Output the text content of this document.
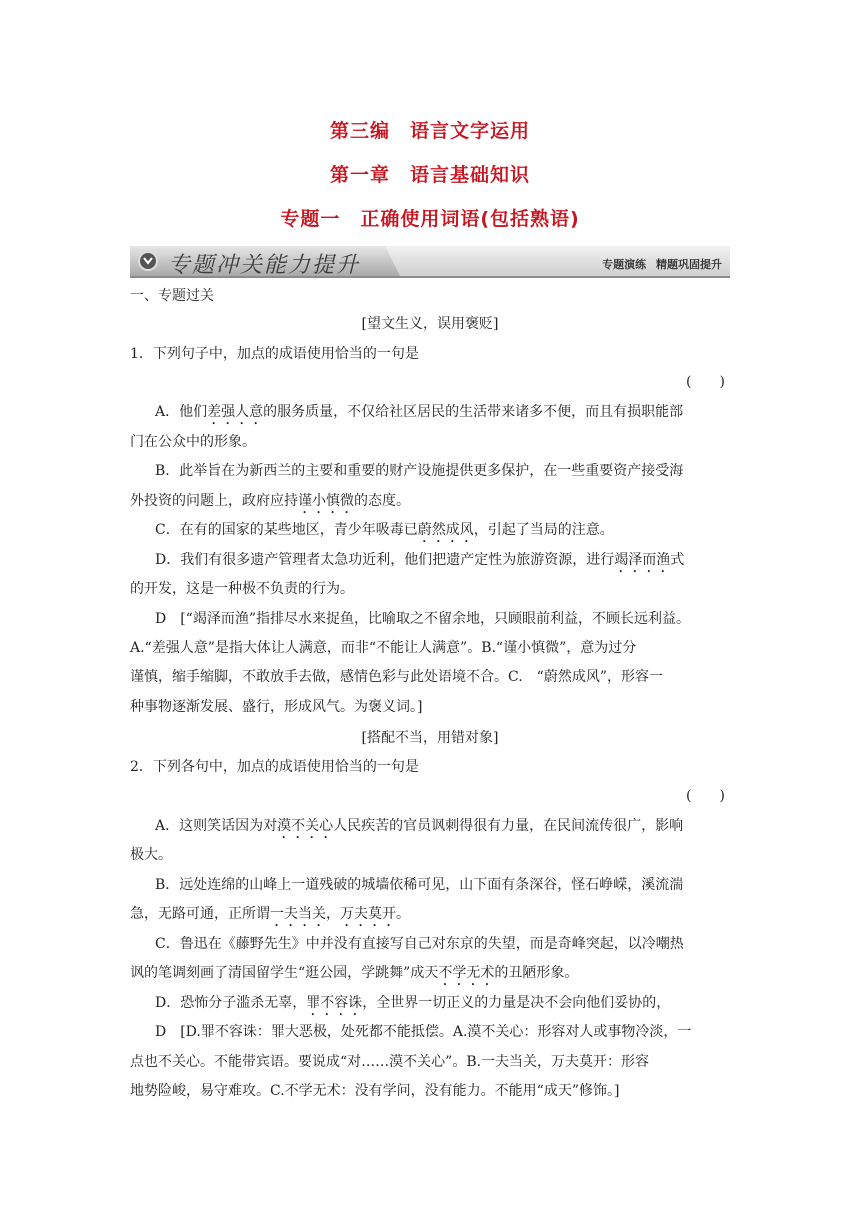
第三编　语言文字运用
第一章　语言基础知识
专题一　正确使用词语(包括熟语)
专题冲关能力提升	专题演练 精题巩固提升
一、专题过关
[望文生义，误用褒贬]
1．下列句子中，加点的成语使用恰当的一句是
(　　)
A．他们差强人意的服务质量，不仅给社区居民的生活带来诸多不便，而且有损职能部
门在公众中的形象。
B．此举旨在为新西兰的主要和重要的财产设施提供更多保护，在一些重要资产接受海
外投资的问题上，政府应持谨小慎微的态度。
C．在有的国家的某些地区，青少年吸毒已蔚然成风，引起了当局的注意。
D．我们有很多遗产管理者太急功近利，他们把遗产定性为旅游资源，进行竭泽而渔式
的开发，这是一种极不负责的行为。
D　[“竭泽而渔”指排尽水来捉鱼，比喻取之不留余地，只顾眼前利益，不顾长远利益。
A.“差强人意”是指大体让人满意，而非“不能让人满意”。B.“谨小慎微”，意为过分
谨慎，缩手缩脚，不敢放手去做，感情色彩与此处语境不合。C.　“蔚然成风”，形容一
种事物逐渐发展、盛行，形成风气。为褒义词。]
[搭配不当，用错对象]
2．下列各句中，加点的成语使用恰当的一句是
(　　)
A．这则笑话因为对漠不关心人民疾苦的官员讽刺得很有力量，在民间流传很广，影响
极大。
B．远处连绵的山峰上一道残破的城墙依稀可见，山下面有条深谷，怪石峥嵘，溪流湍
急，无路可通，正所谓一夫当关，万夫莫开。
C．鲁迅在《藤野先生》中并没有直接写自己对东京的失望，而是奇峰突起，以冷嘲热
讽的笔调刻画了清国留学生“逛公园，学跳舞”成天不学无术的丑陋形象。
D．恐怖分子滥杀无辜，罪不容诛，全世界一切正义的力量是决不会向他们妥协的，
D　[D.罪不容诛：罪大恶极，处死都不能抵偿。A.漠不关心：形容对人或事物冷淡，一
点也不关心。不能带宾语。要说成“对……漠不关心”。B.一夫当关，万夫莫开：形容
地势险峻，易守难攻。C.不学无术：没有学问，没有能力。不能用“成天”修饰。]
